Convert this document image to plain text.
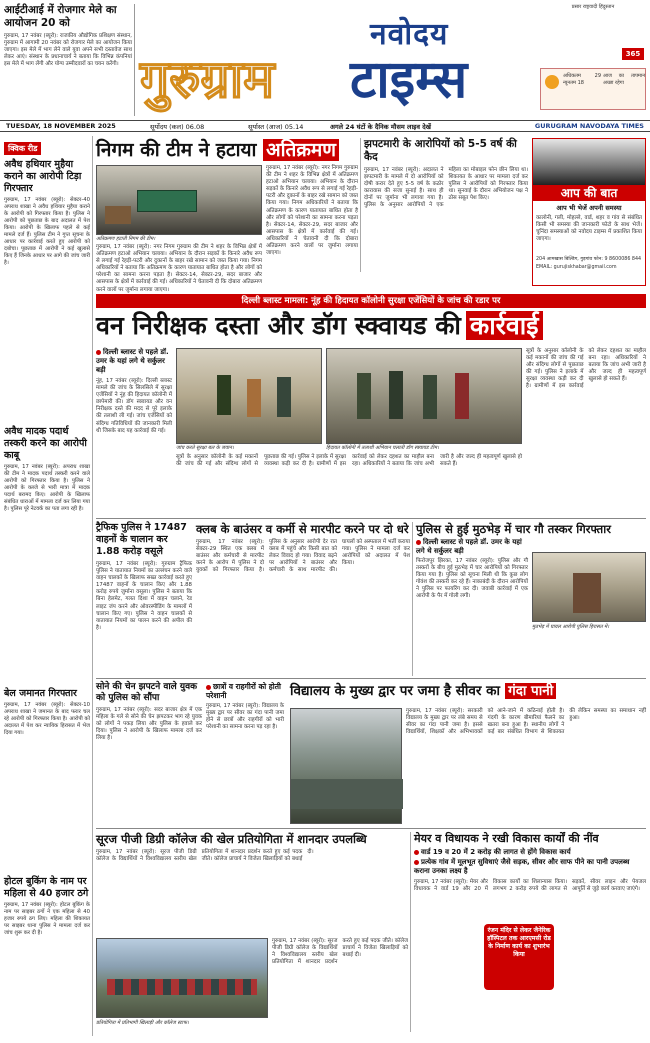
आईटीआई में रोजगार मेले का आयोजन 20 को
गुरुग्राम, 17 नवंबर (ब्यूरो): राजकीय औद्योगिक प्रशिक्षण संस्थान, गुरुग्राम में आगामी 20 नवंबर को रोजगार मेले का आयोजन किया जाएगा। इस मेले में भाग लेने वाले युवा अपने सभी दस्तावेज साथ लेकर आएं। संस्थान के प्रधानाचार्य ने बताया कि विभिन्न कंपनियां इस मेले में भाग लेंगी और योग्य उम्मीदवारों का चयन करेंगी।
नवोदय
गुरुग्राम टाइम्स
प्रसार राष्ट्रवादी हिंदुस्तान
365
अधिकतम 29 न्यूनतम 18
आज का तापमान अच्छा रहेगा
TUESDAY, 18 NOVEMBER 2025	सूर्योदय (कल) 06.08	सूर्यास्त (आज) 05.14	अगले 24 घंटों के दैनिक मौसम लाइव देखें	GURUGRAM NAVODAYA TIMES
क्विक रीड
अवैध हथियार मुहैया कराने का आरोपी टिड़ा गिरफ्तार
गुरुग्राम, 17 नवंबर (ब्यूरो): सेक्टर-40 अपराध शाखा ने अवैध हथियार मुहैया कराने के आरोपी को गिरफ्तार किया है। पुलिस ने आरोपी को पूछताछ के बाद अदालत में पेश किया। आरोपी के खिलाफ पहले से कई मामले दर्ज हैं। पुलिस टीम ने गुप्त सूचना के आधार पर कार्रवाई करते हुए आरोपी को दबोचा। पूछताछ में आरोपी ने कई खुलासे किए हैं जिनके आधार पर आगे की जांच जारी है।
अवैध मादक पदार्थ तस्करी करने का आरोपी काबू
गुरुग्राम, 17 नवंबर (ब्यूरो): अपराध शाखा की टीम ने मादक पदार्थ तस्करी करने वाले आरोपी को गिरफ्तार किया है। पुलिस ने आरोपी के कब्जे से भारी मात्रा में मादक पदार्थ बरामद किए। आरोपी के खिलाफ संबंधित धाराओं में मामला दर्ज कर लिया गया है। पुलिस पूरे नेटवर्क का पता लगा रही है।
बेल जमानत गिरफ्तार
गुरुग्राम, 17 नवंबर (ब्यूरो): सेक्टर-10 अपराध शाखा ने जमानत के बाद फरार चल रहे आरोपी को गिरफ्तार किया है। आरोपी को अदालत में पेश कर न्यायिक हिरासत में भेज दिया गया।
होटल बुकिंग के नाम पर महिला से 40 हजार ठगे
गुरुग्राम, 17 नवंबर (ब्यूरो): होटल बुकिंग के नाम पर साइबर ठगों ने एक महिला से 40 हजार रुपये ठग लिए। महिला की शिकायत पर साइबर थाना पुलिस ने मामला दर्ज कर जांच शुरू कर दी है।
निगम की टीम ने हटाया अतिक्रमण
अतिक्रमण हटाती निगम की टीम।
गुरुग्राम, 17 नवंबर (ब्यूरो): नगर निगम गुरुग्राम की टीम ने शहर के विभिन्न क्षेत्रों में अतिक्रमण हटाओ अभियान चलाया। अभियान के दौरान सड़कों के किनारे अवैध रूप से लगाई गई रेहड़ी-पटरी और दुकानों के बाहर रखे सामान को जब्त किया गया। निगम अधिकारियों ने बताया कि अतिक्रमण के कारण यातायात बाधित होता है और लोगों को परेशानी का सामना करना पड़ता है। सेक्टर-14, सेक्टर-29, सदर बाजार और आसपास के क्षेत्रों में कार्रवाई की गई। अधिकारियों ने चेतावनी दी कि दोबारा अतिक्रमण करने वालों पर जुर्माना लगाया जाएगा।
गुरुग्राम, 17 नवंबर (ब्यूरो): नगर निगम गुरुग्राम की टीम ने शहर के विभिन्न क्षेत्रों में अतिक्रमण हटाओ अभियान चलाया। अभियान के दौरान सड़कों के किनारे अवैध रूप से लगाई गई रेहड़ी-पटरी और दुकानों के बाहर रखे सामान को जब्त किया गया। निगम अधिकारियों ने बताया कि अतिक्रमण के कारण यातायात बाधित होता है और लोगों को परेशानी का सामना करना पड़ता है। सेक्टर-14, सेक्टर-29, सदर बाजार और आसपास के क्षेत्रों में कार्रवाई की गई। अधिकारियों ने चेतावनी दी कि दोबारा अतिक्रमण करने वालों पर जुर्माना लगाया जाएगा।
झपटमारी के आरोपियों को 5-5 वर्ष की कैद
गुरुग्राम, 17 नवंबर (ब्यूरो): अदालत ने झपटमारी के मामले में दो आरोपियों को दोषी करार देते हुए 5-5 वर्ष के कठोर कारावास की सजा सुनाई है। साथ ही दोनों पर जुर्माना भी लगाया गया है। पुलिस के अनुसार आरोपियों ने एक महिला का मोबाइल फोन छीन लिया था। शिकायत के आधार पर मामला दर्ज कर पुलिस ने आरोपियों को गिरफ्तार किया था। सुनवाई के दौरान अभियोजन पक्ष ने ठोस सबूत पेश किए।	आप की बात
आप भी भेजें अपनी समस्या
कालोनी, गली, मोहल्ले, वार्ड, शहर व गांव से संबंधित किसी भी समस्या की जानकारी फोटो के साथ भेजें। चुनिंदा समस्याओं को नवोदय टाइम्स में प्रकाशित किया जाएगा।
204 आमखास बिल्डिंग, गुड़गांव फोन: 9 8600086 844
EMAIL: gurujiskhabar@gmail.com
दिल्ली ब्लास्ट मामला: नूंह की हिदायत कॉलोनी सुरक्षा एजेंसियों के जांच की रडार पर
वन निरीक्षक दस्ता और डॉग स्क्वायड की कार्रवाई
दिल्ली ब्लास्ट से पहले डॉ. उमर के यहां लगे थे सर्कुलर बड़ी
नूंह, 17 नवंबर (ब्यूरो): दिल्ली ब्लास्ट मामले की जांच के सिलसिले में सुरक्षा एजेंसियों ने नूंह की हिदायत कॉलोनी में छापेमारी की। डॉग स्क्वायड और वन निरीक्षक दस्ते की मदद से पूरे इलाके की तलाशी ली गई। जांच एजेंसियों को संदिग्ध गतिविधियों की जानकारी मिली थी जिसके बाद यह कार्रवाई की गई।
जांच करते सुरक्षा बल के जवान।	हिदायत कॉलोनी में तलाशी अभियान चलाती डॉग स्क्वायड टीम।
सूत्रों के अनुसार कॉलोनी के कई मकानों की जांच की गई और संदिग्ध लोगों से पूछताछ की गई। पुलिस ने इलाके में सुरक्षा व्यवस्था कड़ी कर दी है। ग्रामीणों में इस कार्रवाई को लेकर दहशत का माहौल बना रहा। अधिकारियों ने बताया कि जांच अभी जारी है और जल्द ही महत्वपूर्ण खुलासे हो सकते हैं।
सूत्रों के अनुसार कॉलोनी के कई मकानों की जांच की गई और संदिग्ध लोगों से पूछताछ की गई। पुलिस ने इलाके में सुरक्षा व्यवस्था कड़ी कर दी है। ग्रामीणों में इस कार्रवाई को लेकर दहशत का माहौल बना रहा। अधिकारियों ने बताया कि जांच अभी जारी है और जल्द ही महत्वपूर्ण खुलासे हो सकते हैं।
ट्रैफिक पुलिस ने 17487 वाहनों के चालान कर 1.88 करोड़ वसूले
गुरुग्राम, 17 नवंबर (ब्यूरो): गुरुग्राम ट्रैफिक पुलिस ने यातायात नियमों का उल्लंघन करने वाले वाहन चालकों के खिलाफ सख्त कार्रवाई करते हुए 17487 वाहनों के चालान किए और 1.88 करोड़ रुपये जुर्माना वसूला। पुलिस ने बताया कि बिना हेलमेट, गलत दिशा में वाहन चलाने, रेड लाइट जंप करने और ओवरस्पीडिंग के मामलों में चालान किए गए। पुलिस ने वाहन चालकों से यातायात नियमों का पालन करने की अपील की है।
क्लब के बाउंसर व कर्मी से मारपीट करने पर दो धरे
गुरुग्राम, 17 नवंबर (ब्यूरो): सेक्टर-29 स्थित एक क्लब में बाउंसर और कर्मचारी से मारपीट करने के आरोप में पुलिस ने दो युवकों को गिरफ्तार किया है। पुलिस के अनुसार आरोपी देर रात क्लब में पहुंचे और किसी बात को लेकर विवाद हो गया। विवाद बढ़ने पर आरोपियों ने बाउंसर और कर्मचारी के साथ मारपीट की। घायलों को अस्पताल में भर्ती कराया गया। पुलिस ने मामला दर्ज कर आरोपियों को अदालत में पेश किया।
पुलिस से हुई मुठभेड़ में चार गौ तस्कर गिरफ्तार
दिल्ली ब्लास्ट से पहले डॉ. उमर के यहां लगे थे सर्कुलर बड़ी
फिरोजपुर झिरका, 17 नवंबर (ब्यूरो): पुलिस और गौ तस्करों के बीच हुई मुठभेड़ में चार आरोपियों को गिरफ्तार किया गया है। पुलिस को सूचना मिली थी कि कुछ लोग गोवंश की तस्करी कर रहे हैं। नाकाबंदी के दौरान आरोपियों ने पुलिस पर फायरिंग कर दी। जवाबी कार्रवाई में एक आरोपी के पैर में गोली लगी।
मुठभेड़ में घायल आरोपी पुलिस हिरासत में।
सोने की चेन झपटने वाले युवक को पुलिस को सौंपा
गुरुग्राम, 17 नवंबर (ब्यूरो): सदर बाजार क्षेत्र में एक महिला के गले से सोने की चेन झपटकर भाग रहे युवक को लोगों ने पकड़ लिया और पुलिस के हवाले कर दिया। पुलिस ने आरोपी के खिलाफ मामला दर्ज कर लिया है।
छात्रों व राहगीरों को होती परेशानी
गुरुग्राम, 17 नवंबर (ब्यूरो): विद्यालय के मुख्य द्वार पर सीवर का गंदा पानी जमा होने से छात्रों और राहगीरों को भारी परेशानी का सामना करना पड़ रहा है।
विद्यालय के मुख्य द्वार पर जमा है सीवर का गंदा पानी
गुरुग्राम, 17 नवंबर (ब्यूरो): सरकारी विद्यालय के मुख्य द्वार पर लंबे समय से सीवर का गंदा पानी जमा है। इससे विद्यार्थियों, शिक्षकों और अभिभावकों को आने-जाने में कठिनाई होती है। गंदगी के कारण बीमारियां फैलने का खतरा बना हुआ है। स्थानीय लोगों ने कई बार संबंधित विभाग से शिकायत की लेकिन समस्या का समाधान नहीं हुआ।
सूरज पीजी डिग्री कॉलेज की खेल प्रतियोगिता में शानदार उपलब्धि
गुरुग्राम, 17 नवंबर (ब्यूरो): सूरज पीजी डिग्री कॉलेज के विद्यार्थियों ने विश्वविद्यालय स्तरीय खेल प्रतियोगिता में शानदार प्रदर्शन करते हुए कई पदक जीते। कॉलेज प्राचार्य ने विजेता खिलाड़ियों को बधाई दी।
प्रतियोगिता में प्रतिभागी खिलाड़ी और कॉलेज स्टाफ।
गुरुग्राम, 17 नवंबर (ब्यूरो): सूरज पीजी डिग्री कॉलेज के विद्यार्थियों ने विश्वविद्यालय स्तरीय खेल प्रतियोगिता में शानदार प्रदर्शन करते हुए कई पदक जीते। कॉलेज प्राचार्य ने विजेता खिलाड़ियों को बधाई दी।
मेयर व विधायक ने रखी विकास कार्यों की नींव
वार्ड 19 व 20 में 2 करोड़ की लागत से होंगे विकास कार्य
प्रत्येक गांव में मूलभूत सुविधाएं जैसे सड़क, सीवर और साफ पीने का पानी उपलब्ध कराना उनका लक्ष्य है
गुरुग्राम, 17 नवंबर (ब्यूरो): मेयर और विधायक ने वार्ड 19 और 20 में विकास कार्यों का शिलान्यास किया। लगभग 2 करोड़ रुपये की लागत से सड़कों, सीवर लाइन और पेयजल आपूर्ति से जुड़े कार्य करवाए जाएंगे।
रंजन मंदिर से लेकर जैनेरिक हॉस्पिटल तक आरएमसी रोड के निर्माण कार्य का शुभारंभ किया
